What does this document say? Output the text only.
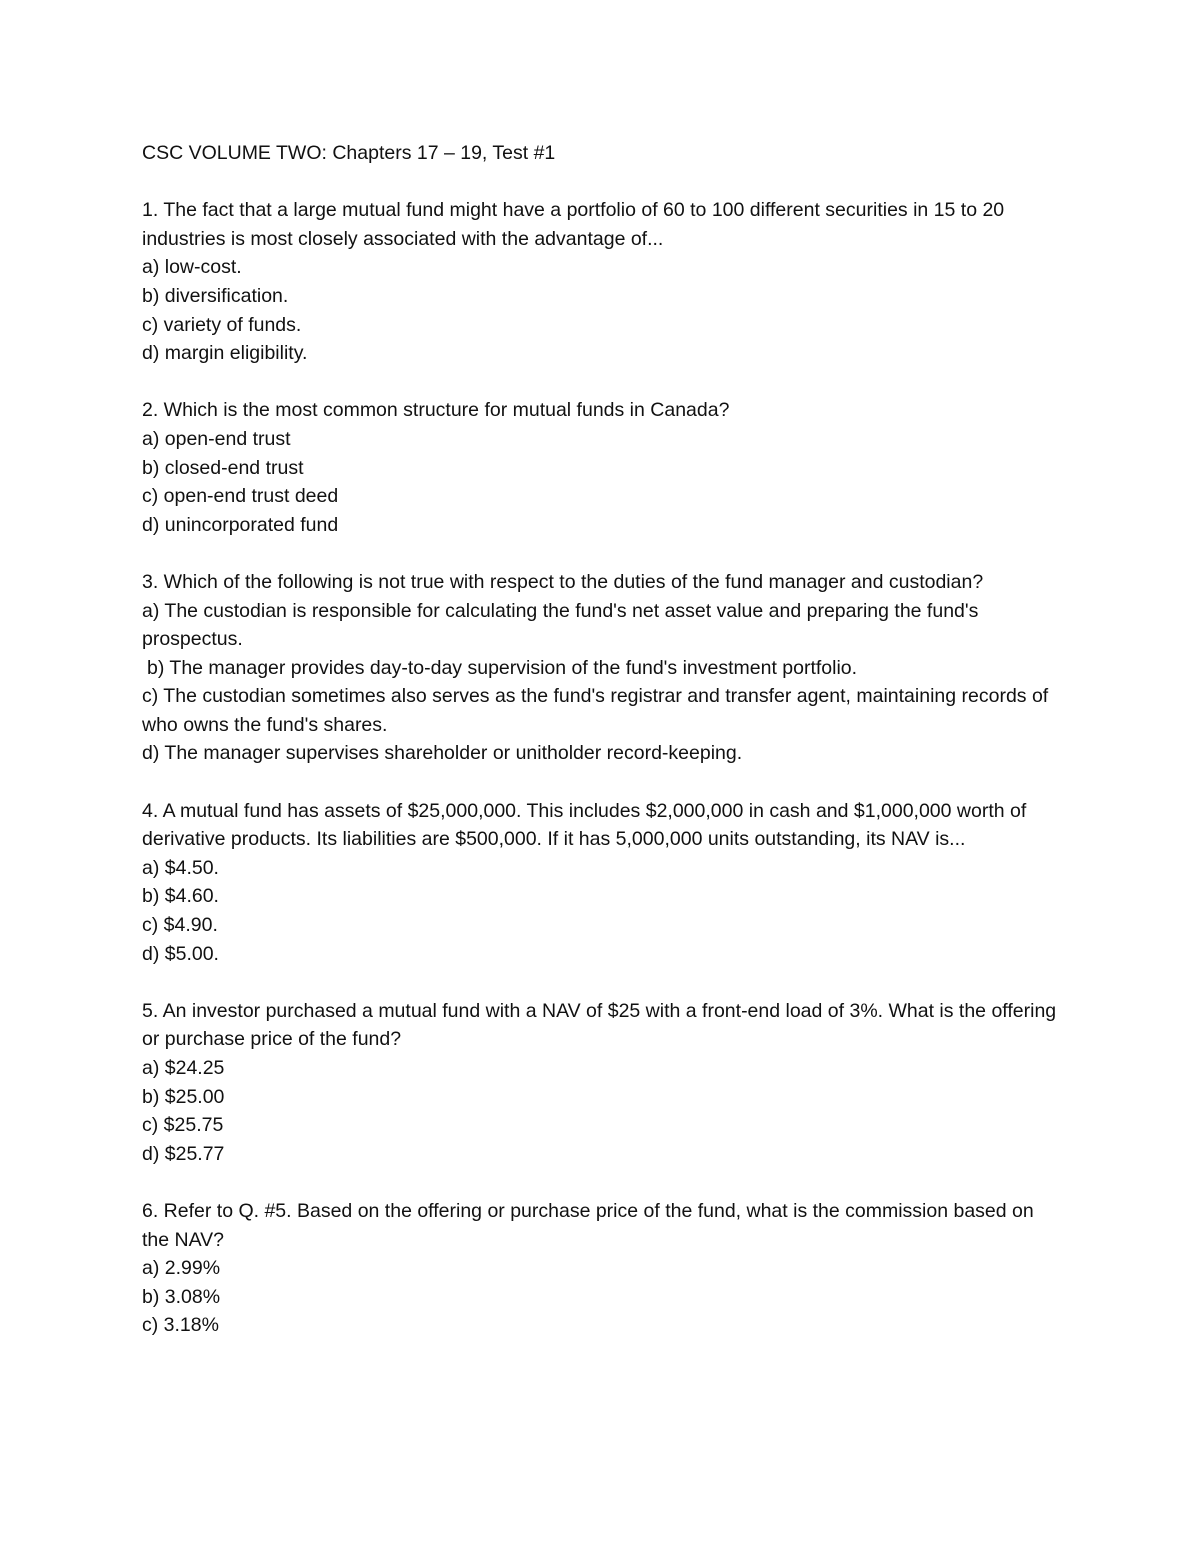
CSC VOLUME TWO: Chapters 17 – 19, Test #1

1. The fact that a large mutual fund might have a portfolio of 60 to 100 different securities in 15 to 20 industries is most closely associated with the advantage of...

a) low-cost.
b) diversification.
c) variety of funds.
d) margin eligibility.

2. Which is the most common structure for mutual funds in Canada?

a) open-end trust
b) closed-end trust
c) open-end trust deed
d) unincorporated fund

3. Which of the following is not true with respect to the duties of the fund manager and custodian?

a) The custodian is responsible for calculating the fund's net asset value and preparing the fund's prospectus.
b) The manager provides day-to-day supervision of the fund's investment portfolio.
c) The custodian sometimes also serves as the fund's registrar and transfer agent, maintaining records of who owns the fund's shares.
d) The manager supervises shareholder or unitholder record-keeping.

4. A mutual fund has assets of $25,000,000. This includes $2,000,000 in cash and $1,000,000 worth of derivative products. Its liabilities are $500,000. If it has 5,000,000 units outstanding, its NAV is...

a) $4.50.
b) $4.60.
c) $4.90.
d) $5.00.

5. An investor purchased a mutual fund with a NAV of $25 with a front-end load of 3%. What is the offering or purchase price of the fund?

a) $24.25
b) $25.00
c) $25.75
d) $25.77

6. Refer to Q. #5. Based on the offering or purchase price of the fund, what is the commission based on the NAV?

a) 2.99%
b) 3.08%
c) 3.18%
